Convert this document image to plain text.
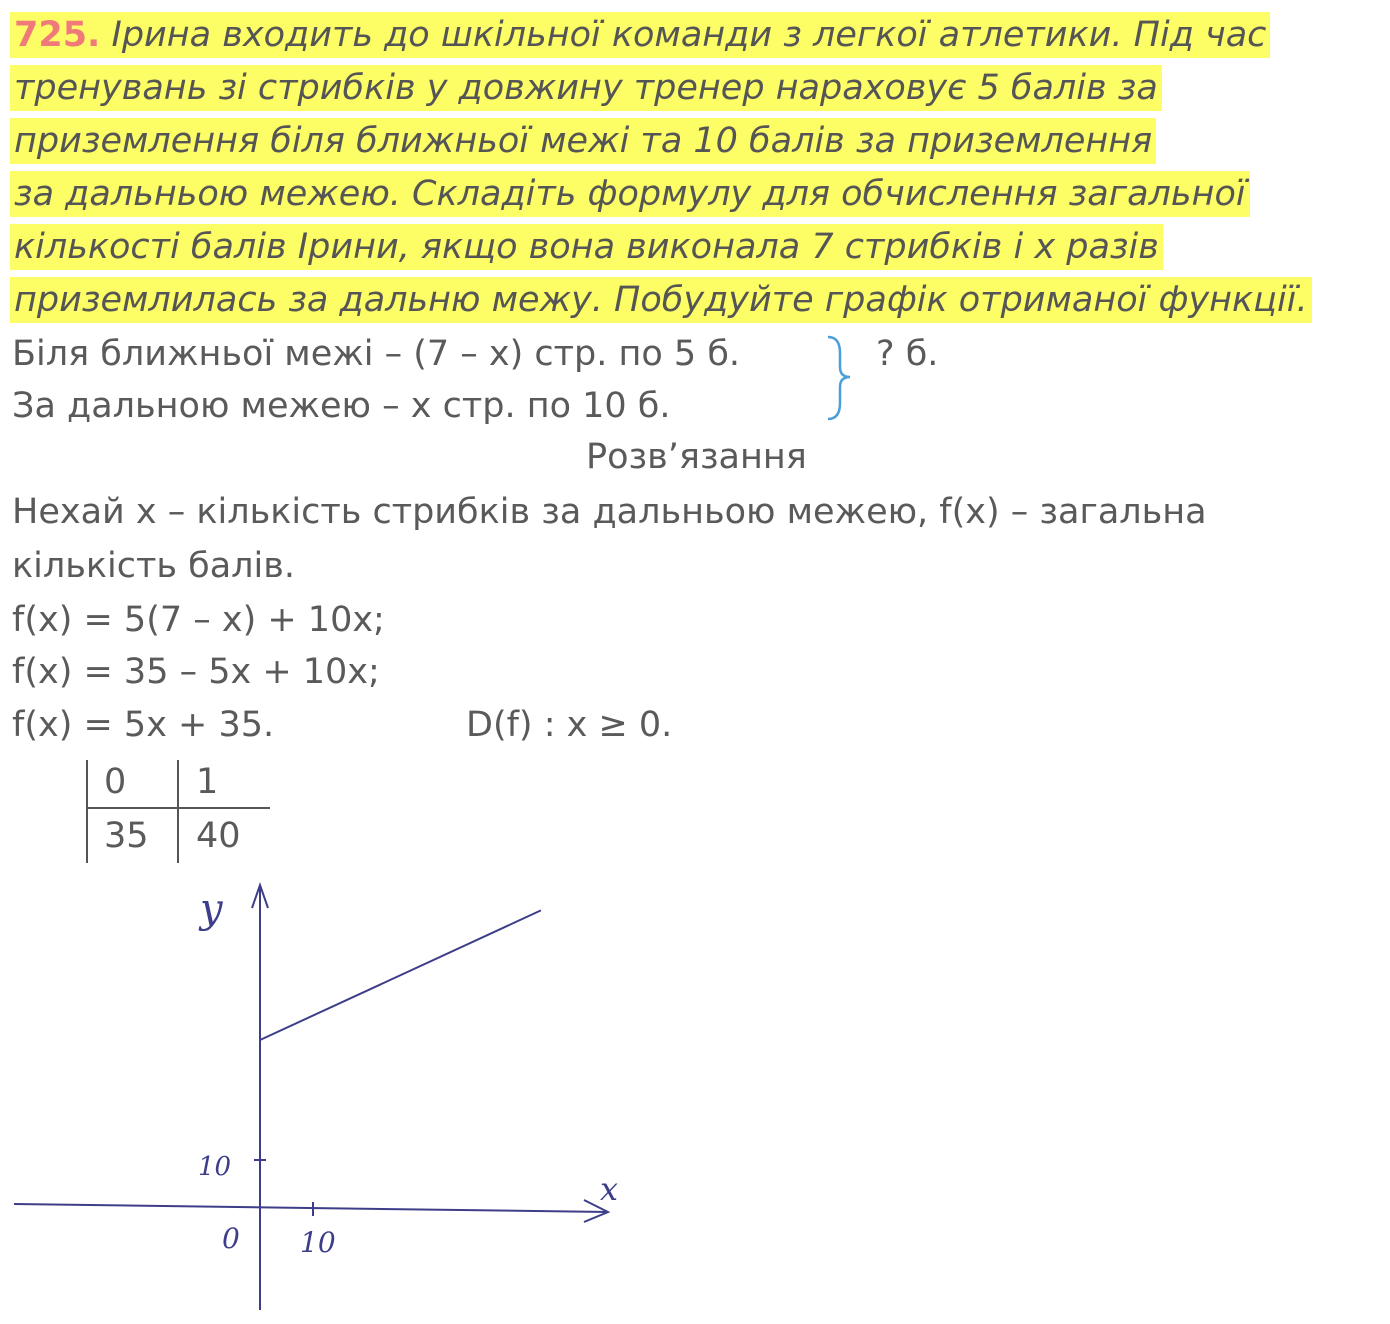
725. Ірина входить до шкільної команди з легкої атлетики. Під час
тренувань зі стрибків у довжину тренер нараховує 5 балів за
приземлення біля ближньої межі та 10 балів за приземлення
за дальньою межею. Складіть формулу для обчислення загальної
кількості балів Ірини, якщо вона виконала 7 стрибків і x разів
приземлилась за дальню межу. Побудуйте графік отриманої функції.
Біля ближньої межі – (7 – x) стр. по 5 б.
За дальною межею – x стр. по 10 б.
? б.
Розв’язання
Нехай x – кількість стрибків за дальньою межею, f(x) – загальна
кількість балів.
f(x) = 5(7 – x) + 10x;
f(x) = 35 – 5x + 10x;
f(x) = 5x + 35.	D(f) : x ≥ 0.
0 1
35 40
y
x
0
10
10
